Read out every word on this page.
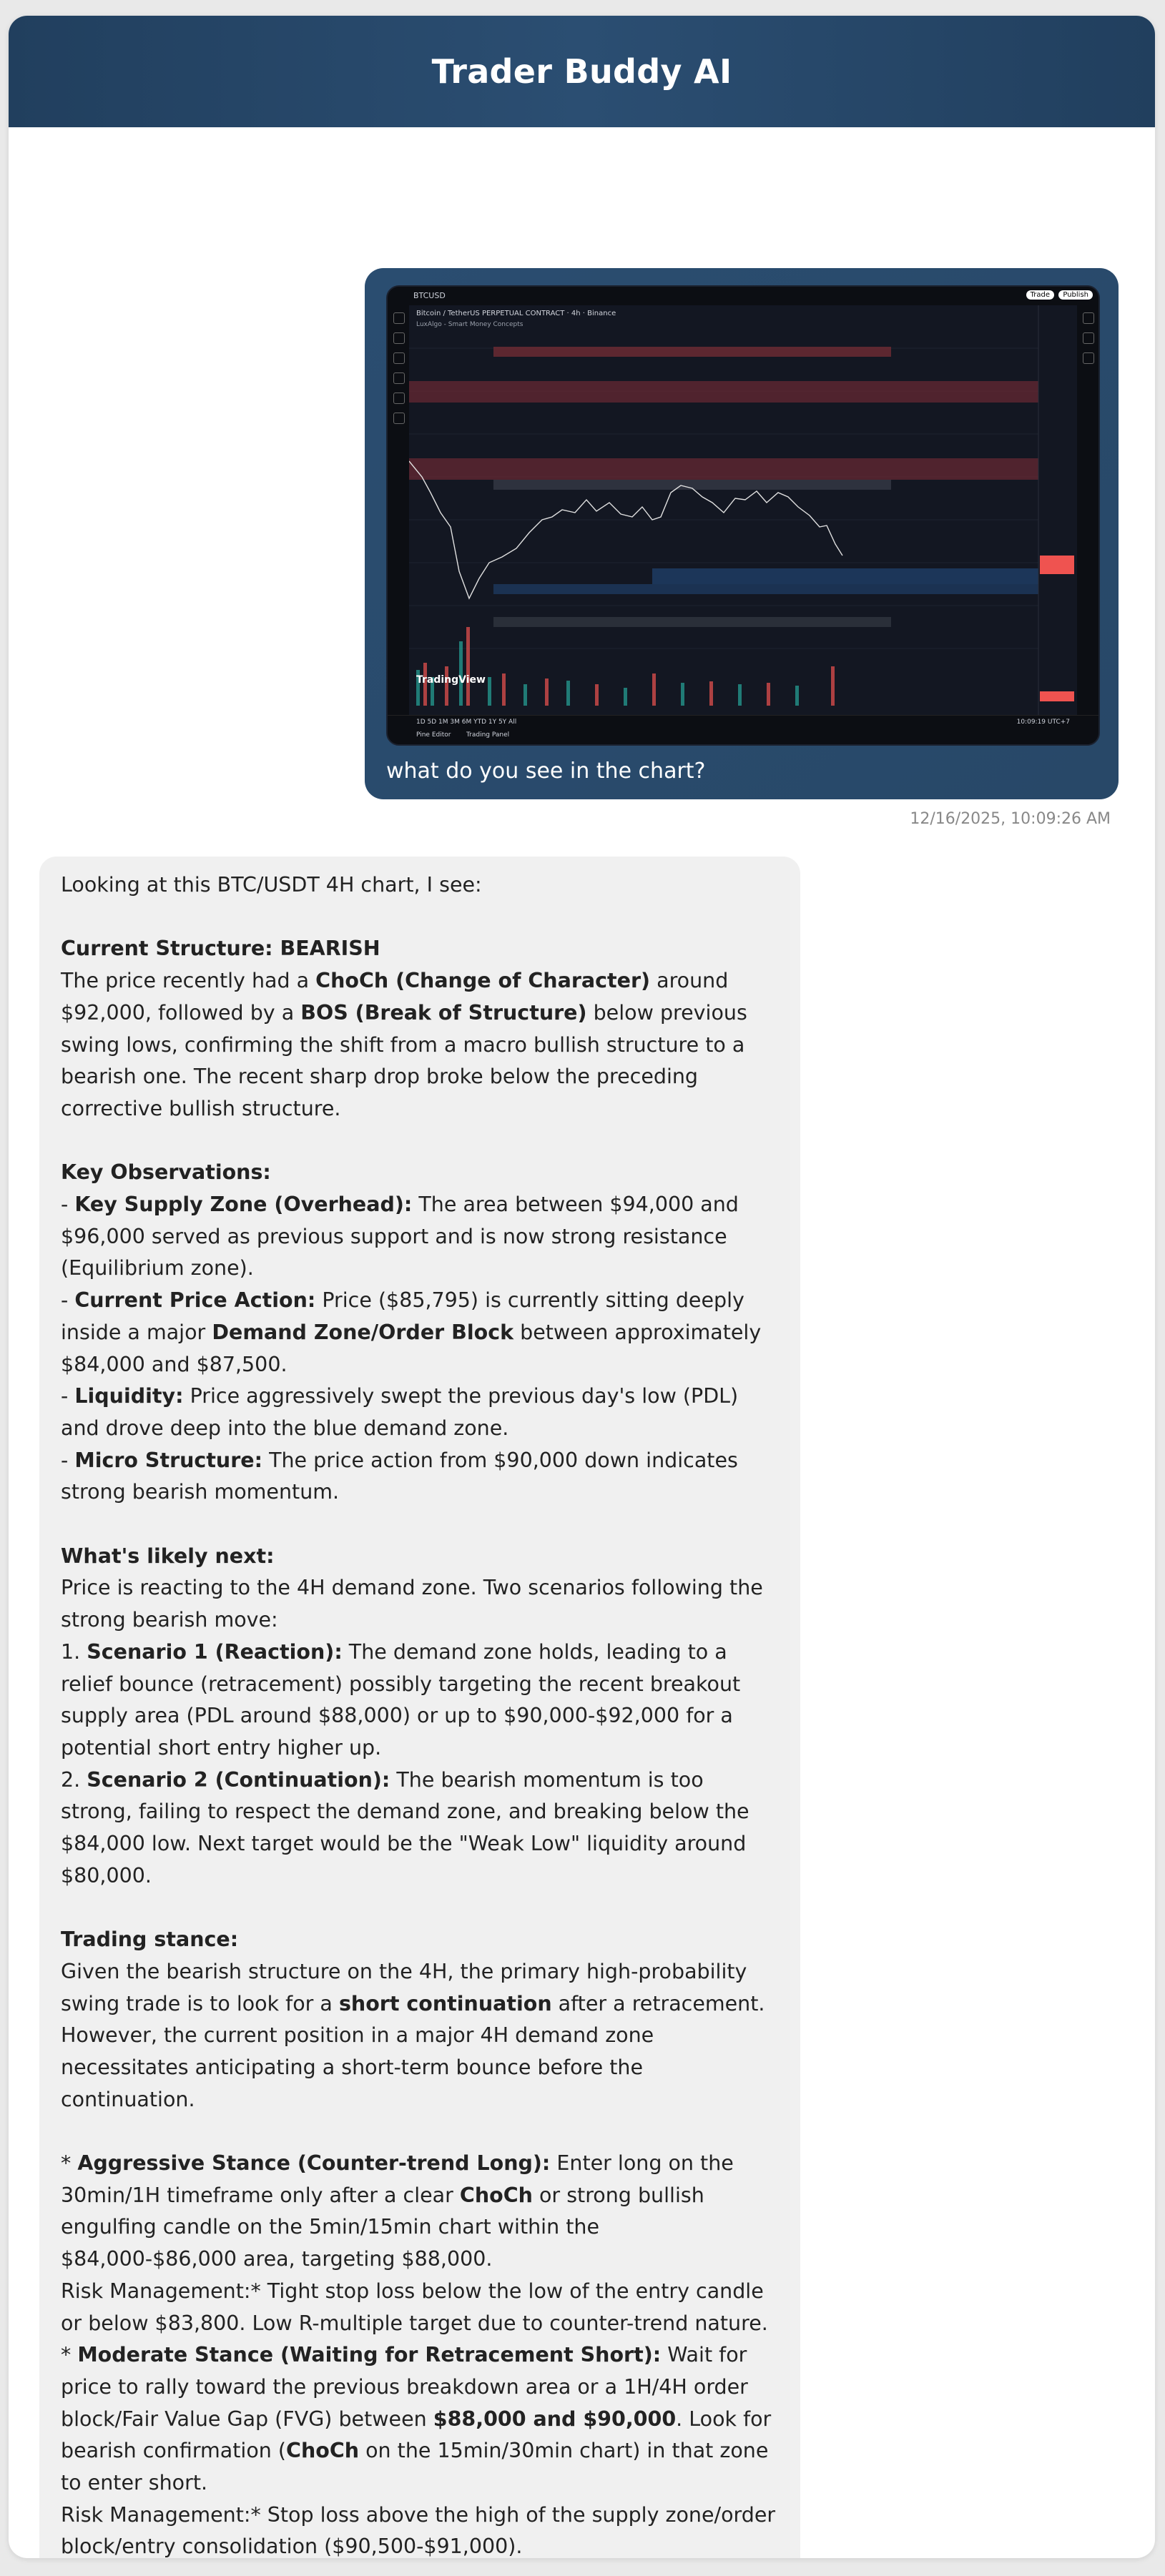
Trader Buddy AI
BTCUSD	Trade	Publish
Bitcoin / TetherUS PERPETUAL CONTRACT · 4h · Binance
LuxAlgo - Smart Money Concepts
TradingView
1D 5D 1M 3M 6M YTD 1Y 5Y All	10:09:19 UTC+7
Pine Editor Trading Panel
what do you see in the chart?
12/16/2025, 10:09:26 AM

Looking at this BTC/USDT 4H chart, I see:

Current Structure: BEARISH

The price recently had a ChoCh (Change of Character) around $92,000, followed by a BOS (Break of Structure) below previous swing lows, confirming the shift from a macro bullish structure to a bearish one. The recent sharp drop broke below the preceding corrective bullish structure.

Key Observations:

- Key Supply Zone (Overhead): The area between $94,000 and $96,000 served as previous support and is now strong resistance (Equilibrium zone).

- Current Price Action: Price ($85,795) is currently sitting deeply inside a major Demand Zone/Order Block between approximately $84,000 and $87,500.

- Liquidity: Price aggressively swept the previous day's low (PDL) and drove deep into the blue demand zone.

- Micro Structure: The price action from $90,000 down indicates strong bearish momentum.

What's likely next:

Price is reacting to the 4H demand zone. Two scenarios following the strong bearish move:

1. Scenario 1 (Reaction): The demand zone holds, leading to a relief bounce (retracement) possibly targeting the recent breakout supply area (PDL around $88,000) or up to $90,000-$92,000 for a potential short entry higher up.

2. Scenario 2 (Continuation): The bearish momentum is too strong, failing to respect the demand zone, and breaking below the $84,000 low. Next target would be the "Weak Low" liquidity around $80,000.

Trading stance:

Given the bearish structure on the 4H, the primary high-probability swing trade is to look for a short continuation after a retracement. However, the current position in a major 4H demand zone necessitates anticipating a short-term bounce before the continuation.

* Aggressive Stance (Counter-trend Long): Enter long on the 30min/1H timeframe only after a clear ChoCh or strong bullish engulfing candle on the 5min/15min chart within the $84,000-$86,000 area, targeting $88,000.

Risk Management:* Tight stop loss below the low of the entry candle or below $83,800. Low R-multiple target due to counter-trend nature.

* Moderate Stance (Waiting for Retracement Short): Wait for price to rally toward the previous breakdown area or a 1H/4H order block/Fair Value Gap (FVG) between $88,000 and $90,000. Look for bearish confirmation (ChoCh on the 15min/30min chart) in that zone to enter short.

Risk Management:* Stop loss above the high of the supply zone/order block/entry consolidation ($90,500-$91,000).
